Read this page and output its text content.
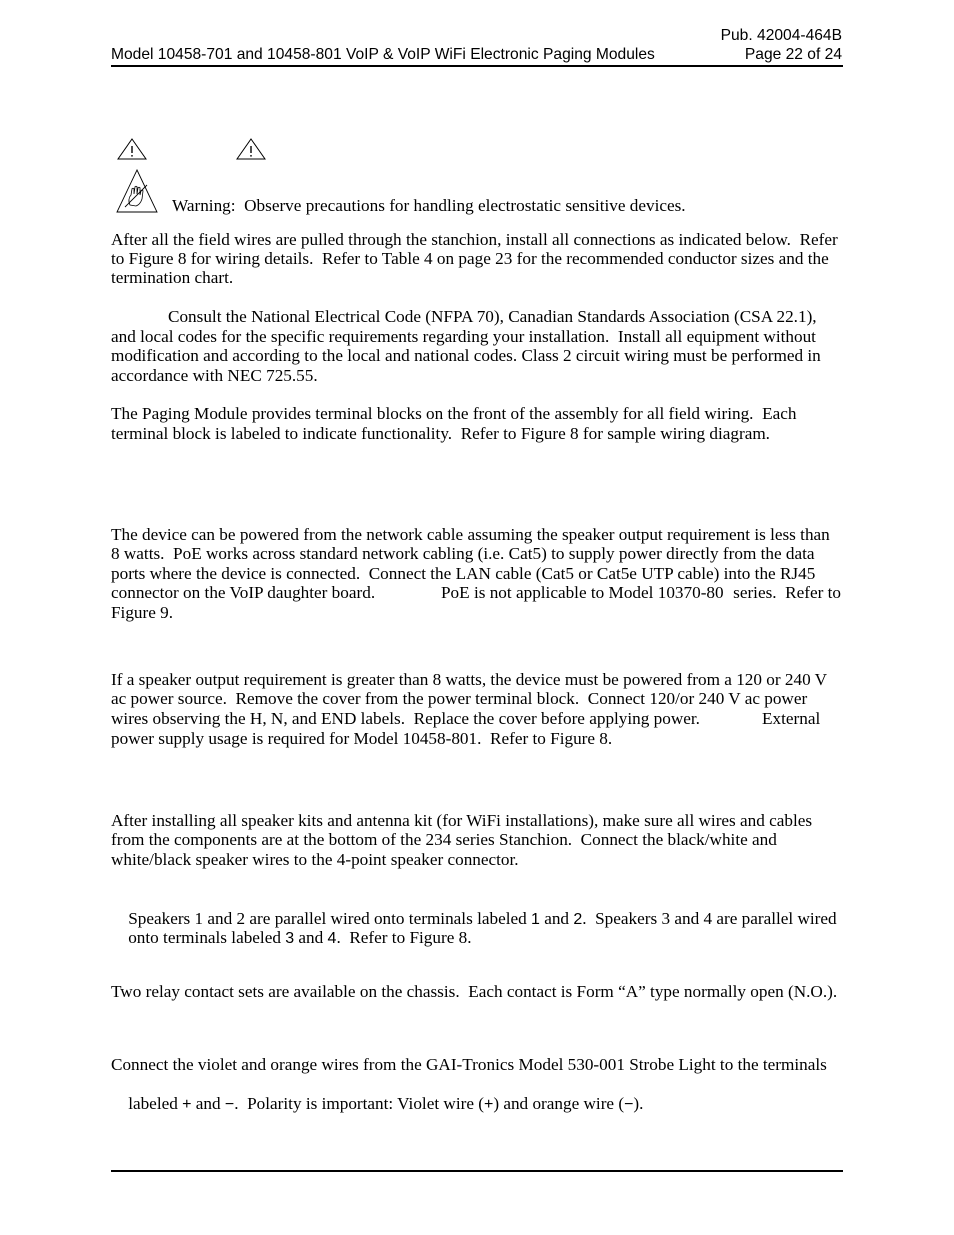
Pub. 42004-464B
Model 10458-701 and 10458-801 VoIP & VoIP WiFi Electronic Paging Modules	Page 22 of 24
Warning:  Observe precautions for handling electrostatic sensitive devices.
After all the field wires are pulled through the stanchion, install all connections as indicated below.  Refer
to Figure 8 for wiring details.  Refer to Table 4 on page 23 for the recommended conductor sizes and the
termination chart.
Consult the National Electrical Code (NFPA 70), Canadian Standards Association (CSA 22.1),
and local codes for the specific requirements regarding your installation.  Install all equipment without
modification and according to the local and national codes. Class 2 circuit wiring must be performed in
accordance with NEC 725.55.
The Paging Module provides terminal blocks on the front of the assembly for all field wiring.  Each
terminal block is labeled to indicate functionality.  Refer to Figure 8 for sample wiring diagram.
The device can be powered from the network cable assuming the speaker output requirement is less than
8 watts.  PoE works across standard network cabling (i.e. Cat5) to supply power directly from the data
ports where the device is connected.  Connect the LAN cable (Cat5 or Cat5e UTP cable) into the RJ45
connector on the VoIP daughter board.	PoE is not applicable to Model 10370-80 series.  Refer to
Figure 9.
If a speaker output requirement is greater than 8 watts, the device must be powered from a 120 or 240 V
ac power source.  Remove the cover from the power terminal block.  Connect 120/or 240 V ac power
wires observing the H, N, and END labels.  Replace the cover before applying power.	External
power supply usage is required for Model 10458-801.  Refer to Figure 8.
After installing all speaker kits and antenna kit (for WiFi installations), make sure all wires and cables
from the components are at the bottom of the 234 series Stanchion.  Connect the black/white and
white/black speaker wires to the 4-point speaker connector.

Speakers 1 and 2 are parallel wired onto terminals labeled 1 and 2.  Speakers 3 and 4 are parallel wired

onto terminals labeled 3 and 4.  Refer to Figure 8.

Two relay contact sets are available on the chassis.  Each contact is Form “A” type normally open (N.O.).
Connect the violet and orange wires from the GAI-Tronics Model 530-001 Strobe Light to the terminals

labeled + and −.  Polarity is important: Violet wire (+) and orange wire (−).
